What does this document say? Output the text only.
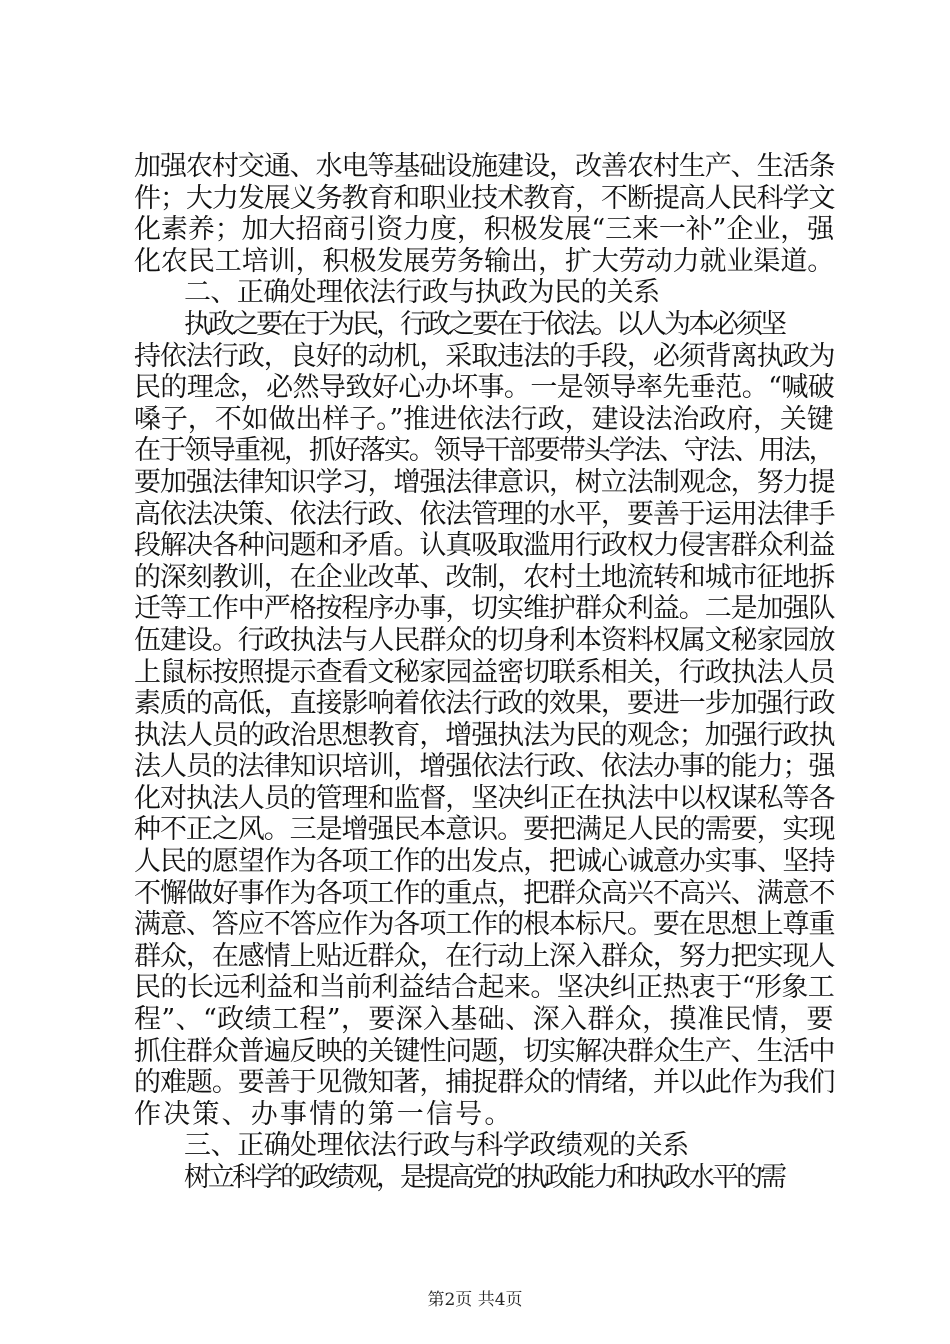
加强农村交通、水电等基础设施建设，改善农村生产、生活条
件；大力发展义务教育和职业技术教育，不断提高人民科学文
化素养；加大招商引资力度，积极发展“三来一补”企业，强
化农民工培训，积极发展劳务输出，扩大劳动力就业渠道。
二、正确处理依法行政与执政为民的关系
执政之要在于为民，行政之要在于依法。以人为本必须坚
持依法行政，良好的动机，采取违法的手段，必须背离执政为
民的理念，必然导致好心办坏事。一是领导率先垂范。“喊破
嗓子，不如做出样子。”推进依法行政，建设法治政府，关键
在于领导重视，抓好落实。领导干部要带头学法、守法、用法，
要加强法律知识学习，增强法律意识，树立法制观念，努力提
高依法决策、依法行政、依法管理的水平，要善于运用法律手
段解决各种问题和矛盾。认真吸取滥用行政权力侵害群众利益
的深刻教训，在企业改革、改制，农村土地流转和城市征地拆
迁等工作中严格按程序办事，切实维护群众利益。二是加强队
伍建设。行政执法与人民群众的切身利本资料权属文秘家园放
上鼠标按照提示查看文秘家园益密切联系相关，行政执法人员
素质的高低，直接影响着依法行政的效果，要进一步加强行政
执法人员的政治思想教育，增强执法为民的观念；加强行政执
法人员的法律知识培训，增强依法行政、依法办事的能力；强
化对执法人员的管理和监督，坚决纠正在执法中以权谋私等各
种不正之风。三是增强民本意识。要把满足人民的需要，实现
人民的愿望作为各项工作的出发点，把诚心诚意办实事、坚持
不懈做好事作为各项工作的重点，把群众高兴不高兴、满意不
满意、答应不答应作为各项工作的根本标尺。要在思想上尊重
群众，在感情上贴近群众，在行动上深入群众，努力把实现人
民的长远利益和当前利益结合起来。坚决纠正热衷于“形象工
程”、“政绩工程”，要深入基础、深入群众，摸准民情，要
抓住群众普遍反映的关键性问题，切实解决群众生产、生活中
的难题。要善于见微知著，捕捉群众的情绪，并以此作为我们
作决策、办事情的第一信号。
三、正确处理依法行政与科学政绩观的关系
树立科学的政绩观，是提高党的执政能力和执政水平的需
第2页 共4页
